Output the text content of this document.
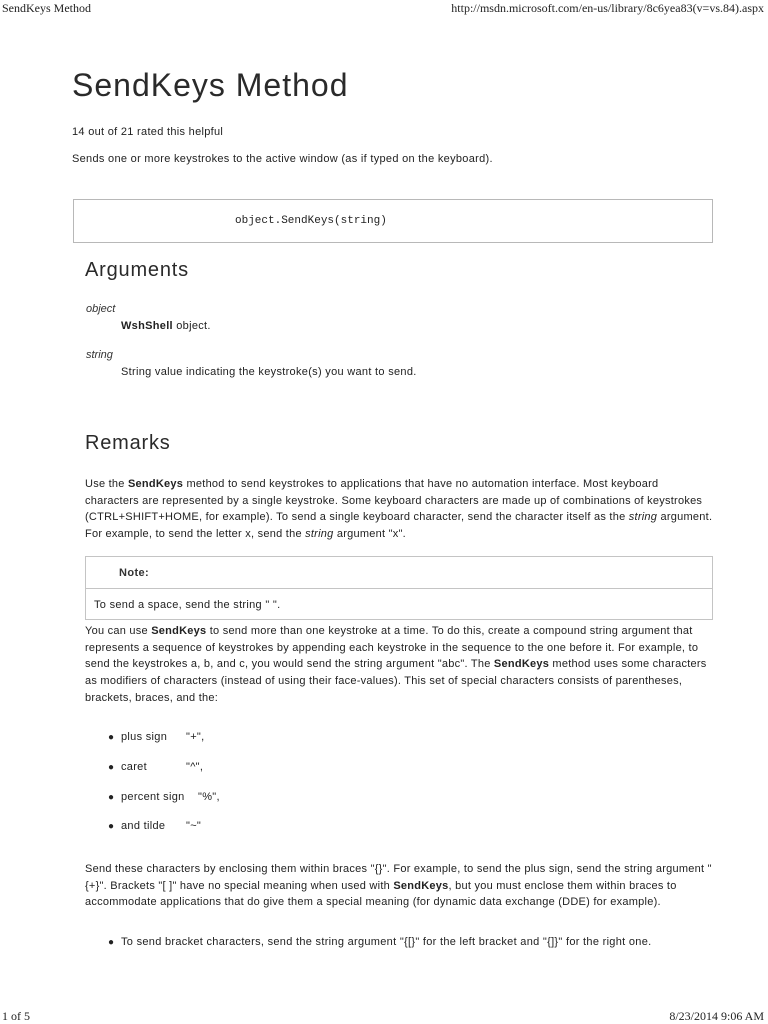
SendKeys Method	http://msdn.microsoft.com/en-us/library/8c6yea83(v=vs.84).aspx
SendKeys Method
14 out of 21 rated this helpful
Sends one or more keystrokes to the active window (as if typed on the keyboard).
object.SendKeys(string)
Arguments
object
WshShell object.
string
String value indicating the keystroke(s) you want to send.
Remarks

Use the SendKeys method to send keystrokes to applications that have no automation interface. Most keyboard characters are represented by a single keystroke. Some keyboard characters are made up of combinations of keystrokes (CTRL+SHIFT+HOME, for example). To send a single keyboard character, send the character itself as the string argument. For example, to send the letter x, send the string argument "x".

Note:
To send a space, send the string " ".

You can use SendKeys to send more than one keystroke at a time. To do this, create a compound string argument that represents a sequence of keystrokes by appending each keystroke in the sequence to the one before it. For example, to send the keystrokes a, b, and c, you would send the string argument "abc". The SendKeys method uses some characters as modifiers of characters (instead of using their face-values). This set of special characters consists of parentheses, brackets, braces, and the:

● plus sign "+",
● caret	"^",
● percent sign "%",
● and tilde "~"

Send these characters by enclosing them within braces "{}". For example, to send the plus sign, send the string argument "{+}". Brackets "[ ]" have no special meaning when used with SendKeys, but you must enclose them within braces to accommodate applications that do give them a special meaning (for dynamic data exchange (DDE) for example).

● To send bracket characters, send the string argument "{[}" for the left bracket and "{]}" for the right one.
1 of 5	8/23/2014 9:06 AM
